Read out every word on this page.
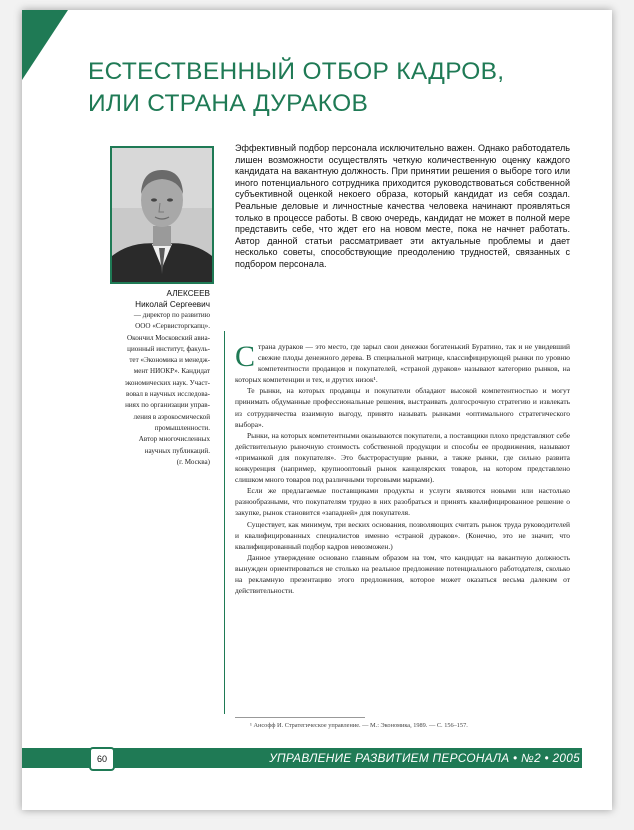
ЕСТЕСТВЕННЫЙ ОТБОР КАДРОВ,
ИЛИ СТРАНА ДУРАКОВ
АЛЕКСЕЕВ
Николай Сергеевич
— директор по развитию
ООО «Сервисторгкапц».
Окончил Московский авиа-
ционный институт, факуль-
тет «Экономика и менедж-
мент НИОКР». Кандидат
экономических наук. Участ-
вовал в научных исследова-
ниях по организации управ-
ления в аэрокосмической
промышленности.
Автор многочисленных
научных публикаций.
(г. Москва)

Эффективный подбор персонала исключительно важен. Однако работодатель лишен возможности осуществлять четкую количественную оценку каждого кандидата на вакантную должность. При принятии решения о выборе того или иного потенциального сотрудника приходится руководствоваться собственной субъективной оценкой некоего образа, который кандидат из себя создал. Реальные деловые и личностные качества человека начинают проявляться только в процессе работы. В свою очередь, кандидат не может в полной мере представить себе, что ждет его на новом месте, пока не начнет работать. Автор данной статьи рассматривает эти актуальные проблемы и дает несколько советы, способствующие преодолению трудностей, связанных с подбором персонала.

Страна дураков — это место, где зарыл свои денежки богатенький Буратино, так и не увидевший свежие плоды денежного дерева. В специальной матрице, классифицирующей рынки по уровню компетентности продавцов и покупателей, «страной дураков» называют категорию рынков, на которых компетенции и тех, и других низок¹.

Те рынки, на которых продавцы и покупатели обладают высокой компетентностью и могут принимать обдуманные профессиональные решения, выстраивать долгосрочную стратегию и извлекать из сотрудничества взаимную выгоду, принято называть рынками «оптимального стратегического выбора».

Рынки, на которых компетентными оказываются покупатели, а поставщики плохо представляют себе действительную рыночную стоимость собственной продукции и способы ее продвижения, называют «приманкой для покупателя». Это быстрорастущие рынки, а также рынки, где сильно развита конкуренция (например, крупнооптовый рынок канцелярских товаров, на котором представлено слишком много товаров под различными торговыми марками).

Если же предлагаемые поставщиками продукты и услуги являются новыми или настолько разнообразными, что покупателям трудно в них разобраться и принять квалифицированное решение о закупке, рынок становится «западней» для покупателя.

Существует, как минимум, три веских основания, позволяющих считать рынок труда руководителей и квалифицированных специалистов именно «страной дураков». (Конечно, это не значит, что квалифицированный подбор кадров невозможен.)

Данное утверждение основано главным образом на том, что кандидат на вакантную должность вынужден ориентироваться не столько на реальное предложение потенциального работодателя, сколько на рекламную презентацию этого предложения, которое может оказаться весьма далеким от действительности.

¹ Ансофф И. Стратегическое управление. — М.: Экономика, 1989. — С. 156–157.

60	УПРАВЛЕНИЕ РАЗВИТИЕМ ПЕРСОНАЛА • №2 • 2005
